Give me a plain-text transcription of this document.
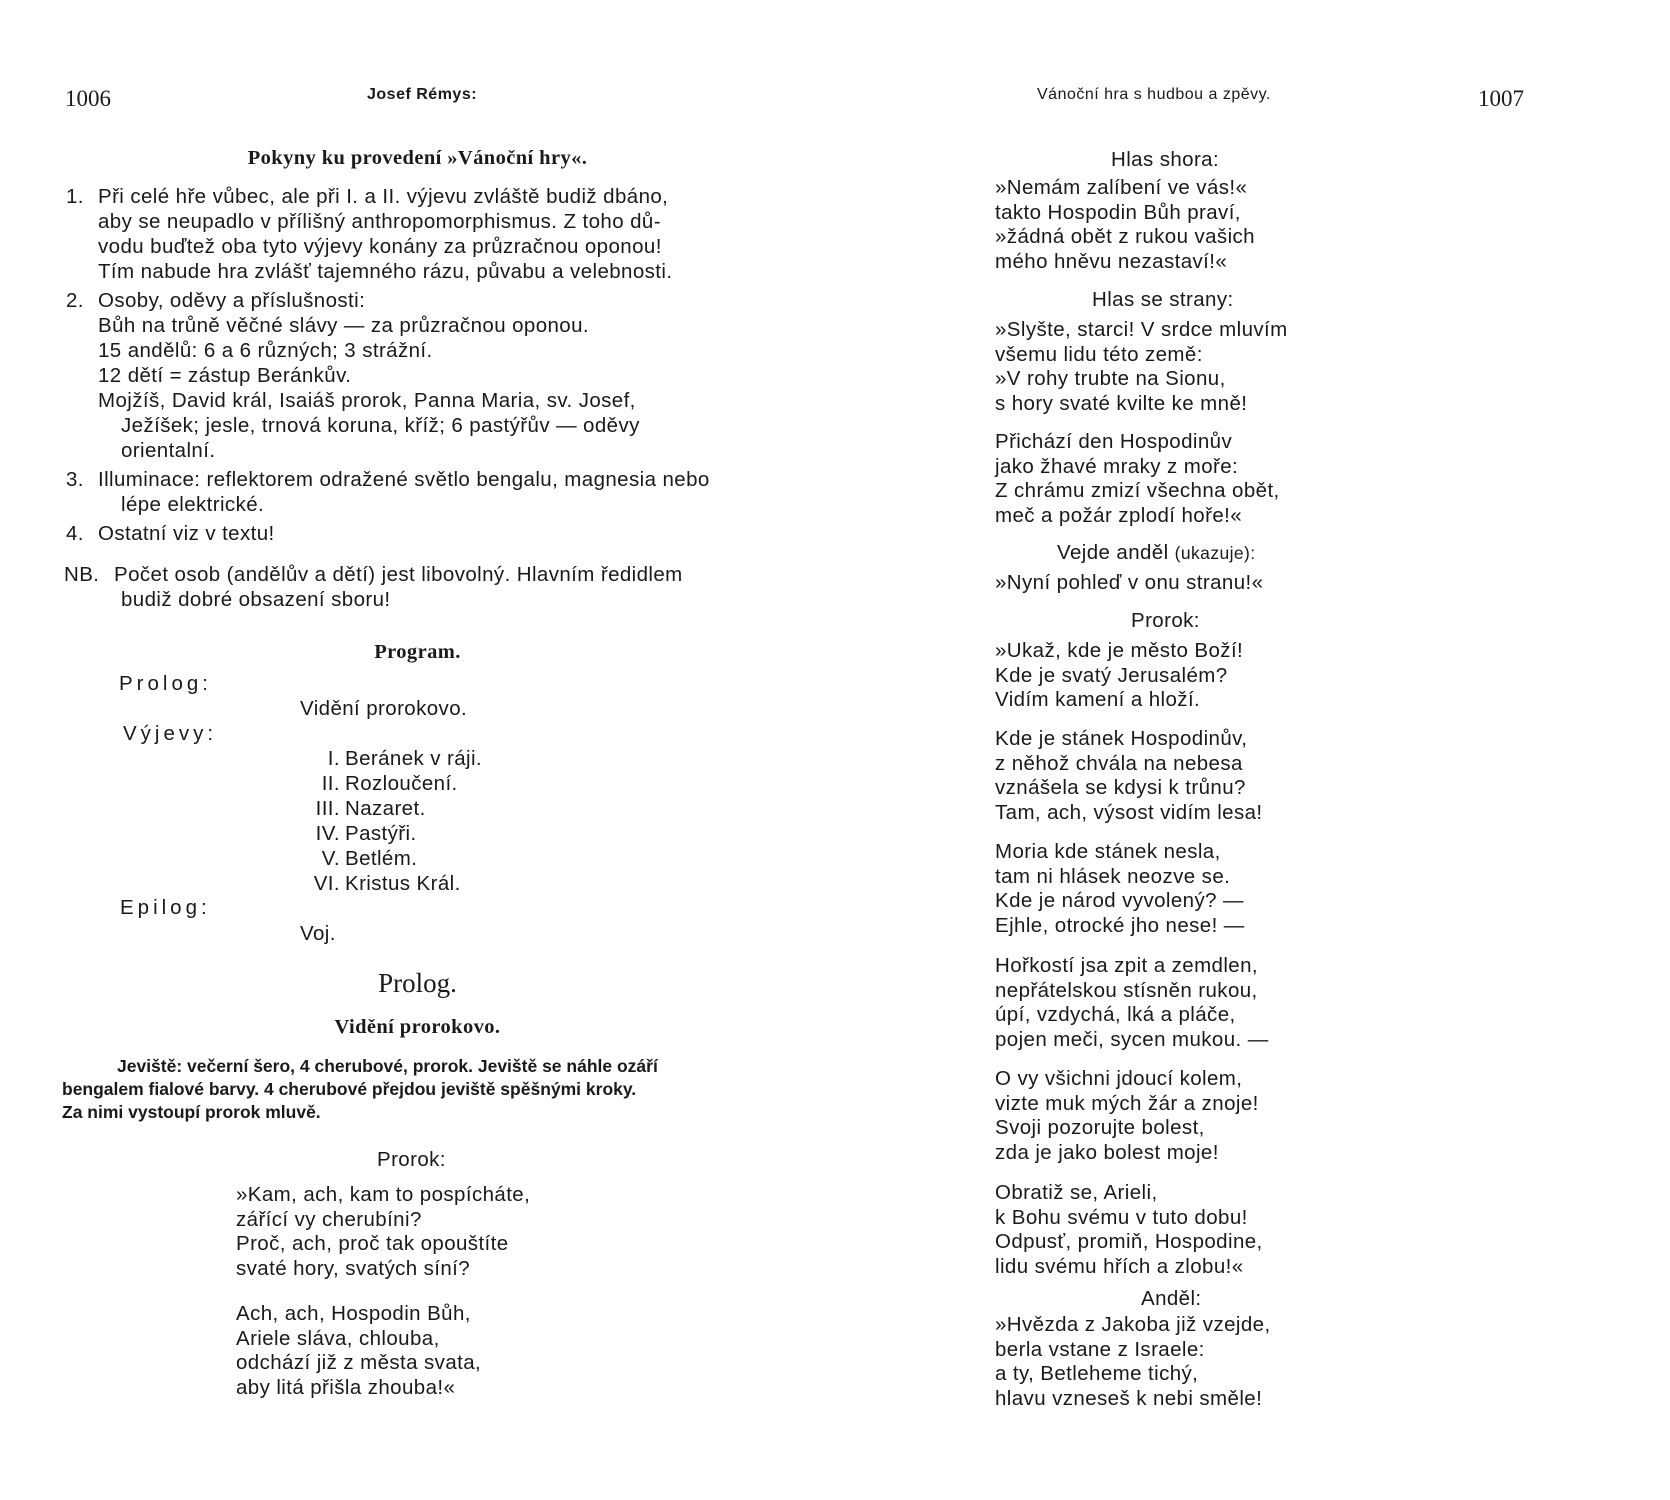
1006	Josef Rémys:
Pokyny ku provedení »Vánoční hry«.
1. Při celé hře vůbec, ale při I. a II. výjevu zvláště budiž dbáno,
aby se neupadlo v přílišný anthropomorphismus. Z toho dů-
vodu buďtež oba tyto výjevy konány za průzračnou oponou!
Tím nabude hra zvlášť tajemného rázu, půvabu a velebnosti.
2. Osoby, oděvy a příslušnosti:
Bůh na trůně věčné slávy — za průzračnou oponou.
15 andělů: 6 a 6 různých; 3 strážní.
12 dětí = zástup Beránkův.
Mojžíš, David král, Isaiáš prorok, Panna Maria, sv. Josef,
Ježíšek; jesle, trnová koruna, kříž; 6 pastýřův — oděvy
orientalní.
3. Illuminace: reflektorem odražené světlo bengalu, magnesia nebo
lépe elektrické.
4. Ostatní viz v textu!
NB. Počet osob (andělův a dětí) jest libovolný. Hlavním ředidlem
budiž dobré obsazení sboru!
Program.
Prolog:
Vidění prorokovo.
Výjevy:
I. Beránek v ráji.
II. Rozloučení.
III. Nazaret.
IV. Pastýři.
V. Betlém.
VI. Kristus Král.
Epilog:
Voj.
Prolog.
Vidění prorokovo.
Jeviště: večerní šero, 4 cherubové, prorok. Jeviště se náhle ozáří
bengalem fialové barvy. 4 cherubové přejdou jeviště spěšnými kroky.
Za nimi vystoupí prorok mluvě.
Prorok:
»Kam, ach, kam to pospícháte,
zářící vy cherubíni?
Proč, ach, proč tak opouštíte
svaté hory, svatých síní?
Ach, ach, Hospodin Bůh,
Ariele sláva, chlouba,
odchází již z města svata,
aby litá přišla zhouba!«
Vánoční hra s hudbou a zpěvy.	1007
Hlas shora:
»Nemám zalíbení ve vás!«
takto Hospodin Bůh praví,
»žádná obět z rukou vašich
mého hněvu nezastaví!«
Hlas se strany:
»Slyšte, starci! V srdce mluvím
všemu lidu této země:
»V rohy trubte na Sionu,
s hory svaté kvilte ke mně!
Přichází den Hospodinův
jako žhavé mraky z moře:
Z chrámu zmizí všechna obět,
meč a požár zplodí hoře!«
Vejde anděl (ukazuje):
»Nyní pohleď v onu stranu!«
Prorok:
»Ukaž, kde je město Boží!
Kde je svatý Jerusalém?
Vidím kamení a hloží.
Kde je stánek Hospodinův,
z něhož chvála na nebesa
vznášela se kdysi k trůnu?
Tam, ach, výsost vidím lesa!
Moria kde stánek nesla,
tam ni hlásek neozve se.
Kde je národ vyvolený? —
Ejhle, otrocké jho nese! —
Hořkostí jsa zpit a zemdlen,
nepřátelskou stísněn rukou,
úpí, vzdychá, lká a pláče,
pojen meči, sycen mukou. —
O vy všichni jdoucí kolem,
vizte muk mých žár a znoje!
Svoji pozorujte bolest,
zda je jako bolest moje!
Obratiž se, Arieli,
k Bohu svému v tuto dobu!
Odpusť, promiň, Hospodine,
lidu svému hřích a zlobu!«
Anděl:
»Hvězda z Jakoba již vzejde,
berla vstane z Israele:
a ty, Betleheme tichý,
hlavu vzneseš k nebi směle!
